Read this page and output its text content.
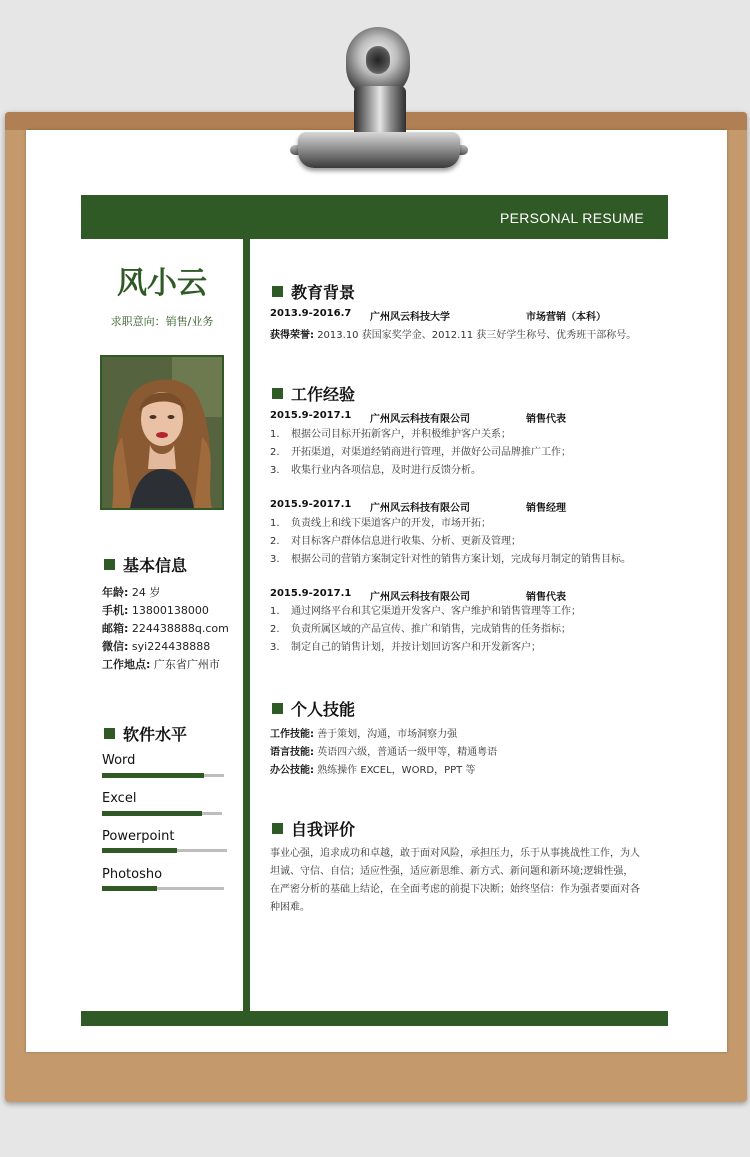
PERSONAL RESUME
风小云
求职意向：销售/业务
基本信息
年龄: 24 岁
手机: 13800138000
邮箱: 224438888q.com
微信: syi224438888
工作地点: 广东省广州市
软件水平
Word
Excel
Powerpoint
Photosho
教育背景
2013.9-2016.7 广州风云科技大学	市场营销（本科）
获得荣誉: 2013.10 获国家奖学金、2012.11 获三好学生称号、优秀班干部称号。
工作经验
2015.9-2017.1 广州风云科技有限公司	销售代表
1. 根据公司目标开拓新客户，并积极维护客户关系；
2. 开拓渠道，对渠道经销商进行管理，并做好公司品牌推广工作；
3. 收集行业内各项信息，及时进行反馈分析。
2015.9-2017.1 广州风云科技有限公司	销售经理
1. 负责线上和线下渠道客户的开发，市场开拓；
2. 对目标客户群体信息进行收集、分析、更新及管理；
3. 根据公司的营销方案制定针对性的销售方案计划，完成每月制定的销售目标。
2015.9-2017.1 广州风云科技有限公司	销售代表
1. 通过网络平台和其它渠道开发客户、客户维护和销售管理等工作；
2. 负责所属区域的产品宣传、推广和销售，完成销售的任务指标；
3. 制定自己的销售计划，并按计划回访客户和开发新客户；
个人技能
工作技能: 善于策划，沟通，市场洞察力强
语言技能: 英语四六级，普通话一级甲等，精通粤语
办公技能: 熟练操作 EXCEL，WORD，PPT 等
自我评价
事业心强，追求成功和卓越，敢于面对风险，承担压力，乐于从事挑战性工作，为人坦诚、守信、自信；适应性强，适应新思维、新方式、新问题和新环境;逻辑性强，在严密分析的基础上结论，在全面考虑的前提下决断；始终坚信：作为强者要面对各种困难。
